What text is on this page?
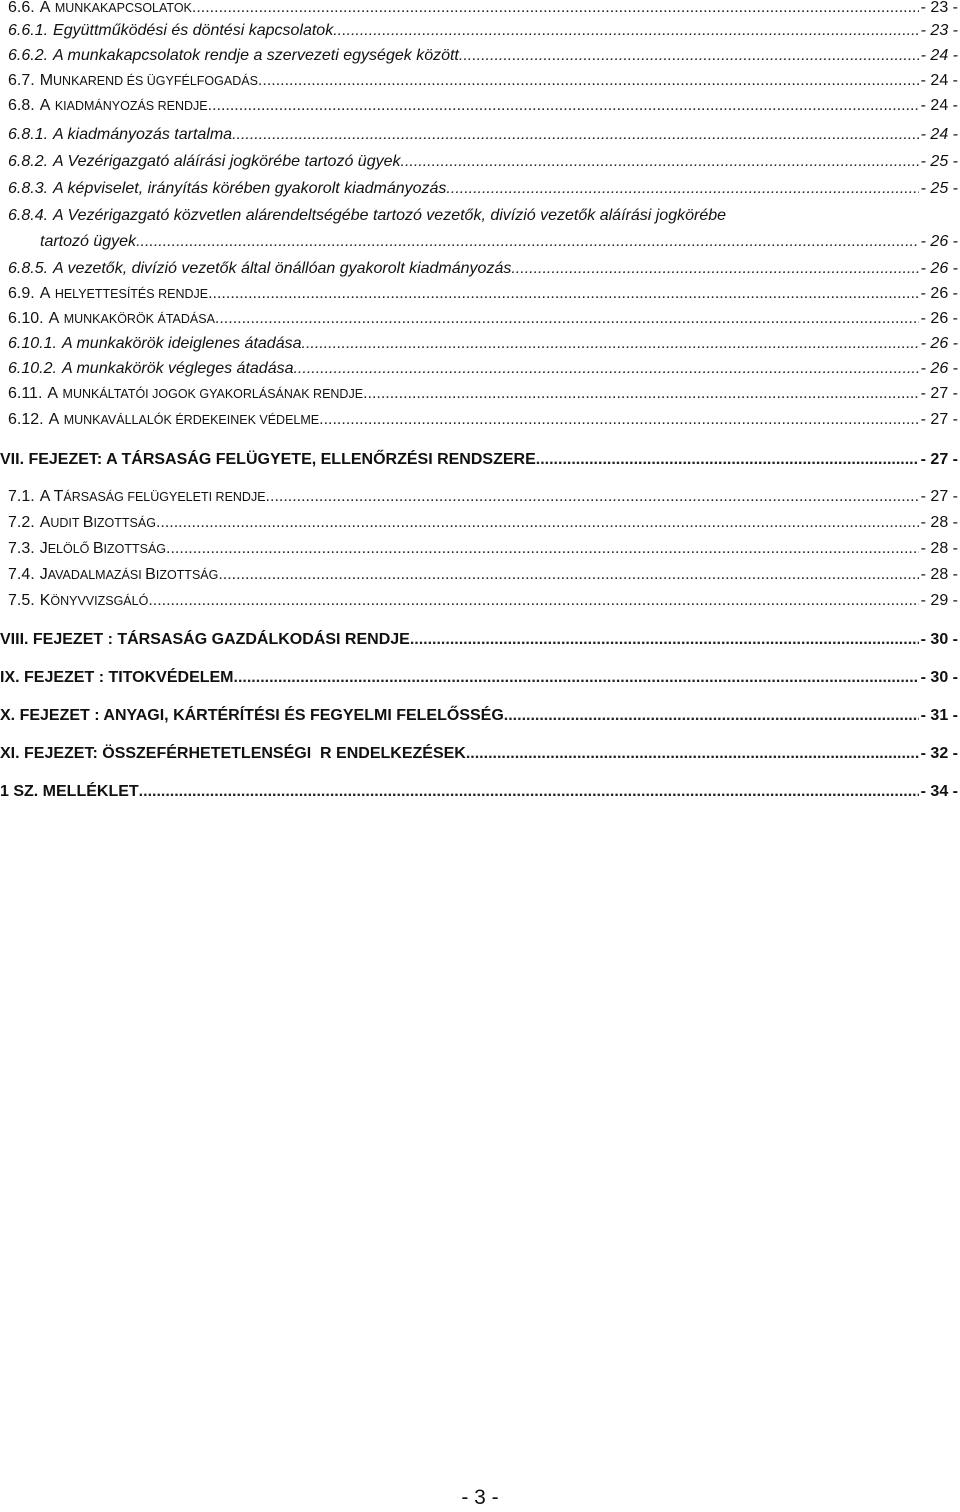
6.6. A MUNKAKAPCSOLATOK .....	- 23 -
6.6.1. Együttműködési és döntési kapcsolatok .....	- 23 -
6.6.2. A munkakapcsolatok rendje a szervezeti egységek között .....	- 24 -
6.7. MUNKAREND ÉS ÜGYFÉLFOGADÁS .....	- 24 -
6.8. A KIADMÁNYOZÁS RENDJE .....	- 24 -
6.8.1. A kiadmányozás tartalma .....	- 24 -
6.8.2. A Vezérigazgató aláírási jogkörébe tartozó ügyek .....	- 25 -
6.8.3. A képviselet, irányítás körében gyakorolt kiadmányozás .....	- 25 -
6.8.4. A Vezérigazgató közvetlen alárendeltségébe tartozó vezetők, divízió vezetők aláírási jogkörébe
tartozó ügyek .....	- 26 -
6.8.5. A vezetők, divízió vezetők által önállóan gyakorolt kiadmányozás .....	- 26 -
6.9. A HELYETTESÍTÉS RENDJE .....	- 26 -
6.10. A MUNKAKÖRÖK ÁTADÁSA .....	- 26 -
6.10.1. A munkakörök ideiglenes átadása .....	- 26 -
6.10.2. A munkakörök végleges átadása .....	- 26 -
6.11. A MUNKÁLTATÓI JOGOK GYAKORLÁSÁNAK RENDJE .....	- 27 -
6.12. A MUNKAVÁLLALÓK ÉRDEKEINEK VÉDELME .....	- 27 -
VII. FEJEZET: A TÁRSASÁG FELÜGYETE, ELLENŐRZÉSI RENDSZERE .....	- 27 -
7.1. A TÁRSASÁG FELÜGYELETI RENDJE .....	- 27 -
7.2. AUDIT BIZOTTSÁG .....	- 28 -
7.3. JELÖLŐ BIZOTTSÁG .....	- 28 -
7.4. JAVADALMAZÁSI BIZOTTSÁG .....	- 28 -
7.5. KÖNYVVIZSGÁLÓ .....	- 29 -
VIII. FEJEZET : TÁRSASÁG GAZDÁLKODÁSI RENDJE .....	- 30 -
IX. FEJEZET : TITOKVÉDELEM .....	- 30 -
X. FEJEZET : ANYAGI, KÁRTÉRÍTÉSI ÉS FEGYELMI FELELŐSSÉG .....	- 31 -
XI. FEJEZET: ÖSSZEFÉRHETETLENSÉGI  R ENDELKEZÉSEK .....	- 32 -
1 SZ. MELLÉKLET .....	- 34 -
- 3 -
